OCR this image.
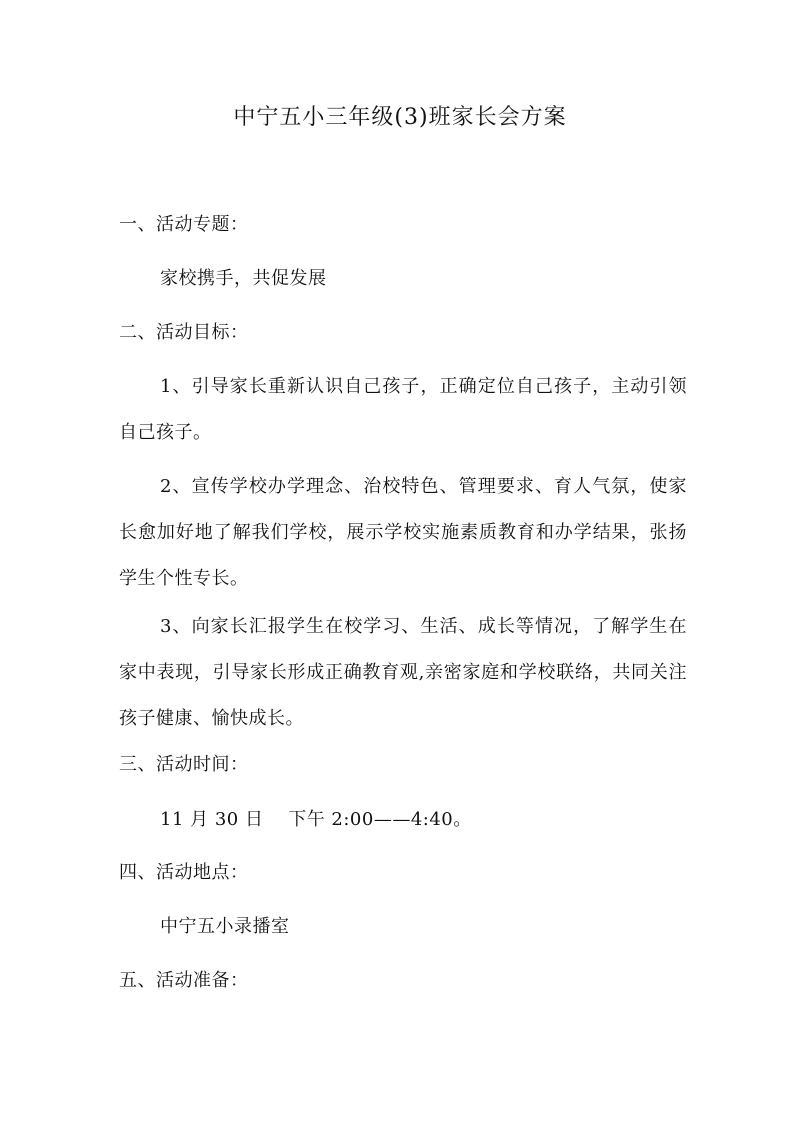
中宁五小三年级(3)班家长会方案
一、活动专题：
家校携手，共促发展
二、活动目标：
1、引导家长重新认识自己孩子，正确定位自己孩子，主动引领自己孩子。
2、宣传学校办学理念、治校特色、管理要求、育人气氛，使家长愈加好地了解我们学校，展示学校实施素质教育和办学结果，张扬学生个性专长。
3、向家长汇报学生在校学习、生活、成长等情况，了解学生在家中表现，引导家长形成正确教育观,亲密家庭和学校联络，共同关注孩子健康、愉快成长。
三、活动时间：
11 月 30 日　 下午 2:00——4:40。
四、活动地点：
中宁五小录播室
五、活动准备：
